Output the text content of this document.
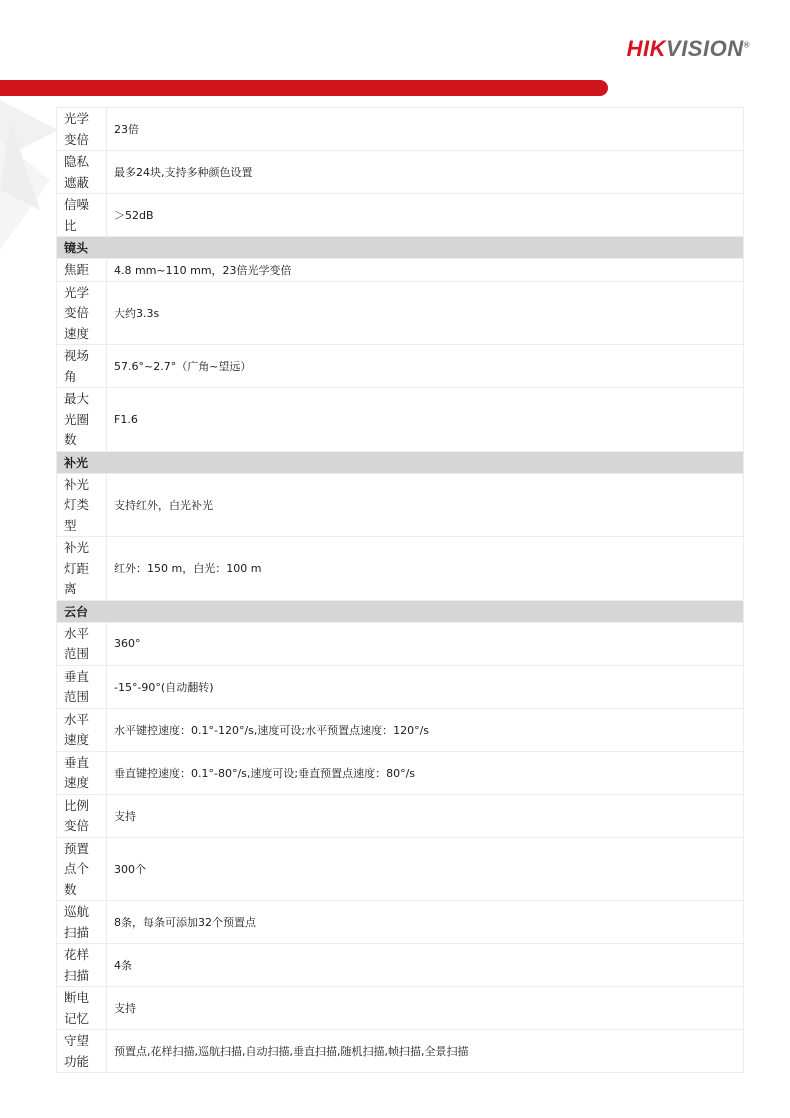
HIKVISION®
光学
变倍
23倍
隐私
遮蔽
最多24块,支持多种颜色设置
信噪
比
＞52dB
镜头
焦距	4.8 mm~110 mm，23倍光学变倍
光学
变倍
速度
大约3.3s
视场
角
57.6°~2.7°（广角~望远）
最大
光圈
数
F1.6
补光
补光
灯类
型
支持红外，白光补光
补光
灯距
离
红外：150 m，白光：100 m
云台
水平
范围
360°
垂直
范围
-15°-90°(自动翻转)
水平
速度
水平键控速度：0.1°-120°/s,速度可设;水平预置点速度：120°/s
垂直
速度
垂直键控速度：0.1°-80°/s,速度可设;垂直预置点速度：80°/s
比例
变倍
支持
预置
点个
数
300个
巡航
扫描
8条，每条可添加32个预置点
花样
扫描
4条
断电
记忆
支持
守望
功能
预置点,花样扫描,巡航扫描,自动扫描,垂直扫描,随机扫描,帧扫描,全景扫描
